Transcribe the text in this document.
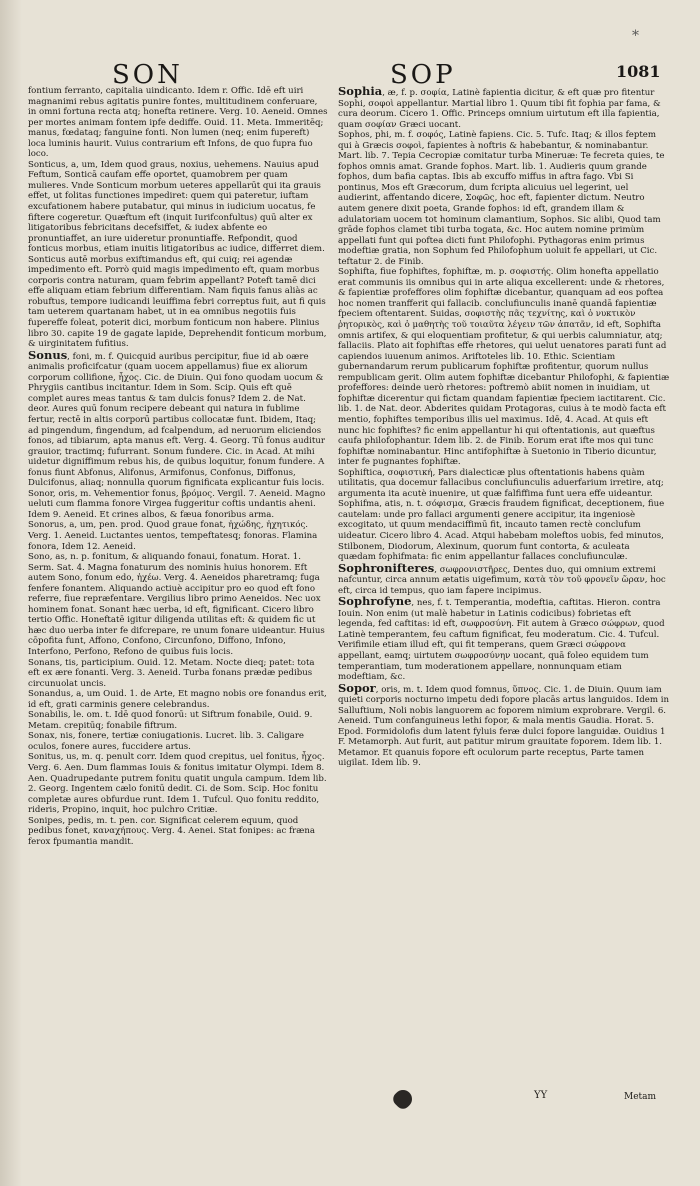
*
SON	SOP	1081

fontium ferranto, capitalia uindicanto. Idem r. Offic. Idē eft uiri magnanimi rebus agitatis punire fontes, multitudinem conferuare, in omni fortuna recta atq; honefta retinere. Verg. 10. Aeneid. Omnes per mortes animam fontem ipfe dediffe. Ouid. 11. Meta. Immeritēq; manus, fœdataq; fanguine fonti. Non lumen (neq; enim fupereft) loca luminis haurit. Vuius contrarium eft Infons, de quo fupra fuo loco.

Sonticus, a, um, Idem quod graus, noxius, uehemens. Nauius apud Feftum, Sonticā caufam effe oportet, quamobrem per quam mulieres. Vnde Sonticum morbum ueteres appellarūt qui ita grauis effet, ut folitas functiones impediret: quem qui pateretur, iuftam excufationem habere putabatur, qui minus in iudicium uocatus, fe fiftere cogeretur. Quæftum eft (inquit Iurifconfultus) quū alter ex litigatoribus febricitans decefsiffet, & iudex abfente eo pronuntiaffet, an iure uideretur pronuntiaffe. Refpondit, quod fonticus morbus, etiam inuitis litigatoribus ac iudice, differret diem. Sonticus autē morbus exiftimandus eft, qui cuiq; rei agendæ impedimento eft. Porrò quid magis impedimento eft, quam morbus corporis contra naturam, quam febrim appellant? Poteft tamē dici effe aliquam etiam febrium differentiam. Nam fiquis fanus aliàs ac robuftus, tempore iudicandi leuiffima febri correptus fuit, aut fi quis tam ueterem quartanam habet, ut in ea omnibus negotiis fuis fupereffe foleat, poterit dici, morbum fonticum non habere. Plinius libro 30. capite 19 de gagate lapide, Deprehendit fonticum morbum, & uirginitatem fufitius.

Sonus, foni, m. f. Quicquid auribus percipitur, fiue id ab oære animalis proficifcatur (quam uocem appellamus) fiue ex aliorum corporum collifione, ἦχος. Cic. de Diuin. Qui fono quodam uocum & Phrygiis cantibus incitantur. Idem in Som. Scip. Quis eft quē complet aures meas tantus & tam dulcis fonus? Idem 2. de Nat. deor. Aures quū fonum recipere debeant qui natura in fublime fertur, rectē in altis corporū partibus collocatæ funt. Ibidem, Itaq; ad pingendum, fingendum, ad fcalpendum, ad neruorum eliciendos fonos, ad tibiarum, apta manus eft. Verg. 4. Georg. Tū fonus auditur grauior, tractimq; fufurrant. Sonum fundere. Cic. in Acad. At mihi uidetur digniffimum rebus his, de quibus loquitur, fonum fundere. A fonus fiunt Abfonus, Alifonus, Armifonus, Confonus, Diffonus, Dulcifonus, aliaq; nonnulla quorum fignificata explicantur fuis locis.

Sonor, oris, m. Vehementior fonus, βρόμος. Vergil. 7. Aeneid. Magno ueluti cum flamma fonore Virgea fuggeritur coftis undantis aheni. Idem 9. Aeneid. Et crines albos, & fæua fonoribus arma.

Sonorus, a, um, pen. prod. Quod graue fonat, ἠχώδης, ἠχητικός. Verg. 1. Aeneid. Luctantes uentos, tempeftatesq; fonoras. Flamina fonora, Idem 12. Aeneid.

Sono, as, n. p. fonitum, & aliquando fonaui, fonatum. Horat. 1. Serm. Sat. 4. Magna fonaturum des nominis huius honorem. Eft autem Sono, fonum edo, ἠχέω. Verg. 4. Aeneidos pharetramq; fuga fenfere fonantem. Aliquando actiuè accipitur pro eo quod eft fono referre, fiue repræfentare. Vergilius libro primo Aeneidos. Nec uox hominem fonat. Sonant hæc uerba, id eft, fignificant. Cicero libro tertio Offic. Honeftatē igitur diligenda utilitas eft: & quidem fic ut hæc duo uerba inter fe difcrepare, re unum fonare uideantur. Huius cōpofita funt, Affono, Confono, Circunfono, Diffono, Infono, Interfono, Perfono, Refono de quibus fuis locis.

Sonans, tis, participium. Ouid. 12. Metam. Nocte dieq; patet: tota eft ex ære fonanti. Verg. 3. Aeneid. Turba fonans prædæ pedibus circunuolat uncis.

Sonandus, a, um Ouid. 1. de Arte, Et magno nobis ore fonandus erit, id eft, grati carminis genere celebrandus.

Sonabilis, le. om. t. Idē quod fonorū: ut Siftrum fonabile, Ouid. 9. Metam. crepitūq; fonabile fiftrum.

Sonax, nis, fonere, tertiæ coniugationis. Lucret. lib. 3. Caligare oculos, fonere aures, fuccidere artus.

Sonitus, us, m. q. penult corr. Idem quod crepitus, uel fonitus, ἦχος. Verg. 6. Aen. Dum flammas Iouis & fonitus imitatur Olympi. Idem 8. Aen. Quadrupedante putrem fonitu quatit ungula campum. Idem lib. 2. Georg. Ingentem cælo fonitū dedit. Ci. de Som. Scip. Hoc fonitu completæ aures obfurdue runt. Idem 1. Tufcul. Quo fonitu reddito, rideris, Propino, inquit, hoc pulchro Critiæ.

Sonipes, pedis, m. t. pen. cor. Significat celerem equum, quod pedibus fonet, καναχήπους. Verg. 4. Aenei. Stat fonipes: ac fræna ferox fpumantia mandit.

Sophia, æ, f. p. σοφία, Latinè fapientia dicitur, & eft quæ pro fitentur Sophi, σοφοὶ appellantur. Martial libro 1. Quum tibi fit fophia par fama, & cura deorum. Cicero 1. Offic. Princeps omnium uirtutum eft illa fapientia, quam σοφίαν Græci uocant.

Sophos, phi, m. f. σοφός, Latinè fapiens. Cic. 5. Tufc. Itaq; & illos feptem qui à Græcis σοφοὶ, fapientes à noftris & habebantur, & nominabantur. Mart. lib. 7. Tepia Cecropiæ comitatur turba Mineruæ: Te fecreta quies, te fophos omnis amat. Grande fophos. Mart. lib. 1. Audieris quum grande fophos, dum bafia captas. Ibis ab excuffo miffus in aftra fago. Vbi Si pontinus, Mos eft Græcorum, dum fcripta alicuius uel legerint, uel audierint, affentando dicere, Σοφῶς, hoc eft, fapienter dictum. Neutro autem genere dixit poeta, Grande fophos: id eft, grandem illam & adulatoriam uocem tot hominum clamantium, Sophos. Sic alibi, Quod tam grāde fophos clamet tibi turba togata, &c. Hoc autem nomine primùm appellati funt qui poftea dicti funt Philofophi. Pythagoras enim primus modeftiæ gratia, non Sophum fed Philofophum uoluit fe appellari, ut Cic. teftatur 2. de Finib.

Sophifta, fiue fophiftes, fophiftæ, m. p. σοφιστής. Olim honefta appellatio erat communis iis omnibus qui in arte aliqua excellerent: unde & rhetores, & fapientiæ profeffores olim fophiftæ dicebantur, quanquam ad eos poftea hoc nomen tranfferit qui fallacib. conclufiunculis inanē quandā fapientiæ fpeciem oftentarent. Suidas, σοφιστὴς πᾶς τεχνίτης, καὶ ὁ νυκτικὸν ῥητορικὸς, καὶ ὁ μαθητὴς τοῦ τοιαῦτα λέγειν τῶν ἀπατᾶν, id eft, Sophifta omnis artifex, & qui eloquentiam profitetur, & qui uerbis calumniatur, atq; fallaciis. Plato ait fophiftas effe rhetores, qui uelut uenatores parati funt ad capiendos iuuenum animos. Ariftoteles lib. 10. Ethic. Scientiam gubernandarum rerum publicarum fophiftæ profitentur, quorum nullus rempublicam gerit. Olim autem fophiftæ dicebantur Philofophi, & fapientiæ profeffores: deinde uerò rhetores: poftremò abiit nomen in inuidiam, ut fophiftæ dicerentur qui fictam quandam fapientiæ fpeciem iactitarent. Cic. lib. 1. de Nat. deor. Abderites quidam Protagoras, cuius à te modò facta eft mentio, fophiftes temporibus illis uel maximus. Idē, 4. Acad. At quis eft nunc hic fophiftes? fic enim appellantur hi qui oftentationis, aut quæftus caufa philofophantur. Idem lib. 2. de Finib. Eorum erat ifte mos qui tunc fophiftæ nominabantur. Hinc antifophiftæ à Suetonio in Tiberio dicuntur, inter fe pugnantes fophiftæ.

Sophiftica, σοφιστική, Pars dialecticæ plus oftentationis habens quàm utilitatis, qua docemur fallacibus conclufiunculis aduerfarium irretire, atq; argumenta ita acutè inuenire, ut quæ falfiffima funt uera effe uideantur.

Sophifma, atis, n. t. σόφισμα, Græcis fraudem fignificat, deceptionem, fiue cautelam: unde pro fallaci argumenti genere accipitur, ita ingeniosè excogitato, ut quum mendaciffimū fit, incauto tamen rectè conclufum uideatur. Cicero libro 4. Acad. Atqui habebam moleftos uobis, fed minutos, Stilbonem, Diodorum, Alexinum, quorum funt contorta, & aculeata quædam fophifmata: fic enim appellantur fallaces conclufiunculæ.

Sophronifteres, σωφρονιστῆρες, Dentes duo, qui omnium extremi nafcuntur, circa annum ætatis uigefimum, κατὰ τὸν τοῦ φρονεῖν ὥραν, hoc eft, circa id tempus, quo iam fapere incipimus.

Sophrofyne, nes, f. t. Temperantia, modeftia, caftitas. Hieron. contra Iouin. Non enim (ut malè habetur in Latinis codicibus) fobrietas eft legenda, fed caftitas: id eft, σωφροσύνη. Fit autem à Græco σώφρων, quod Latinè temperantem, feu caftum fignificat, feu moderatum. Cic. 4. Tufcul. Verifimile etiam illud eft, qui fit temperans, quem Græci σώφρονα appellant, eamq; uirtutem σωφροσύνην uocant, quā foleo equidem tum temperantiam, tum moderationem appellare, nonnunquam etiam modeftiam, &c.

Sopor, oris, m. t. Idem quod fomnus, ὕπνος. Cic. 1. de Diuin. Quum iam quieti corporis nocturno impetu dedi fopore placās artus languidos. Idem in Salluftium, Noli nobis languorem ac foporem nimium exprobrare. Vergil. 6. Aeneid. Tum confanguineus lethi fopor, & mala mentis Gaudia. Horat. 5. Epod. Formidolofis dum latent fyluis feræ dulci fopore languidæ. Ouidius 1 F. Metamorph. Aut furit, aut patitur mirum grauitate foporem. Idem lib. 1. Metamor. Et quanuis fopore eft oculorum parte receptus, Parte tamen uigilat. Idem lib. 9.

YY	Metam
